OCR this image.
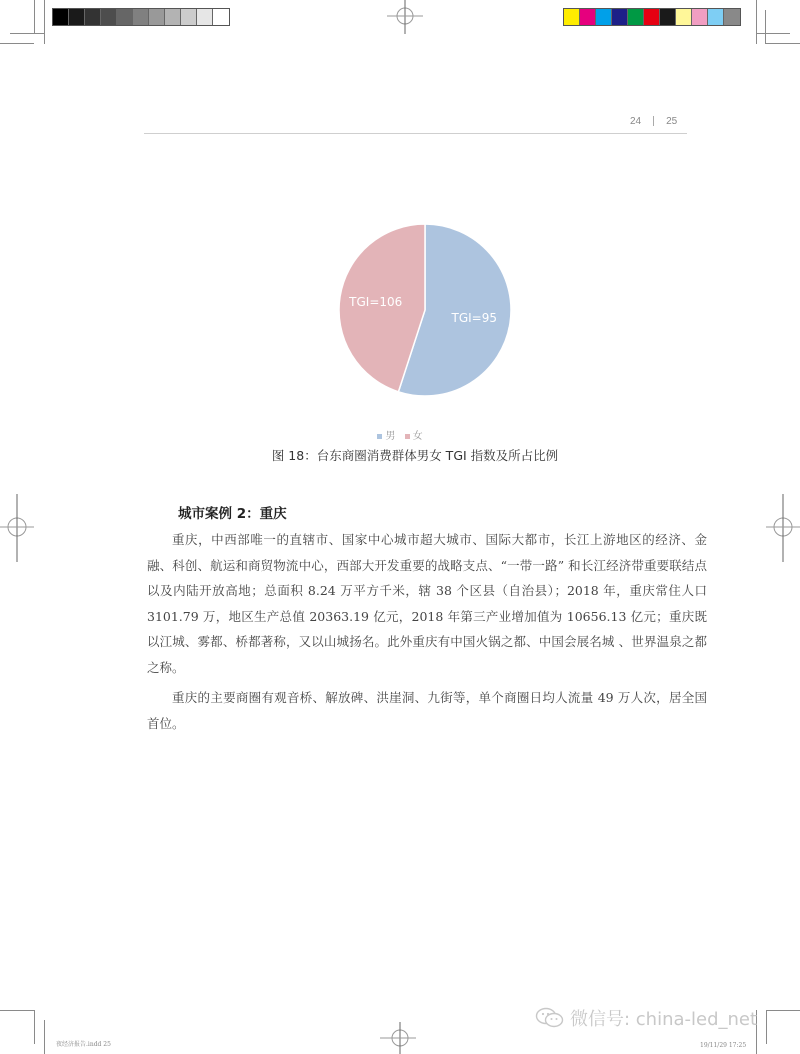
24	25
TGI=95
TGI=106
男 女
图 18：台东商圈消费群体男女 TGI 指数及所占比例
城市案例 2：重庆

重庆，中西部唯一的直辖市、国家中心城市超大城市、国际大都市，长江上游地区的经济、金融、科创、航运和商贸物流中心，西部大开发重要的战略支点、“一带一路” 和长江经济带重要联结点以及内陆开放高地；总面积 8.24 万平方千米，辖 38 个区县（自治县）；2018 年，重庆常住人口 3101.79 万，地区生产总值 20363.19 亿元，2018 年第三产业增加值为 10656.13 亿元；重庆既以江城、雾都、桥都著称，又以山城扬名。此外重庆有中国火锅之都、中国会展名城 、世界温泉之都之称。

重庆的主要商圈有观音桥、解放碑、洪崖洞、九街等，单个商圈日均人流量 49 万人次，居全国首位。

夜经济报告.indd 25	19/11/29 17:25
微信号: china-led_net
